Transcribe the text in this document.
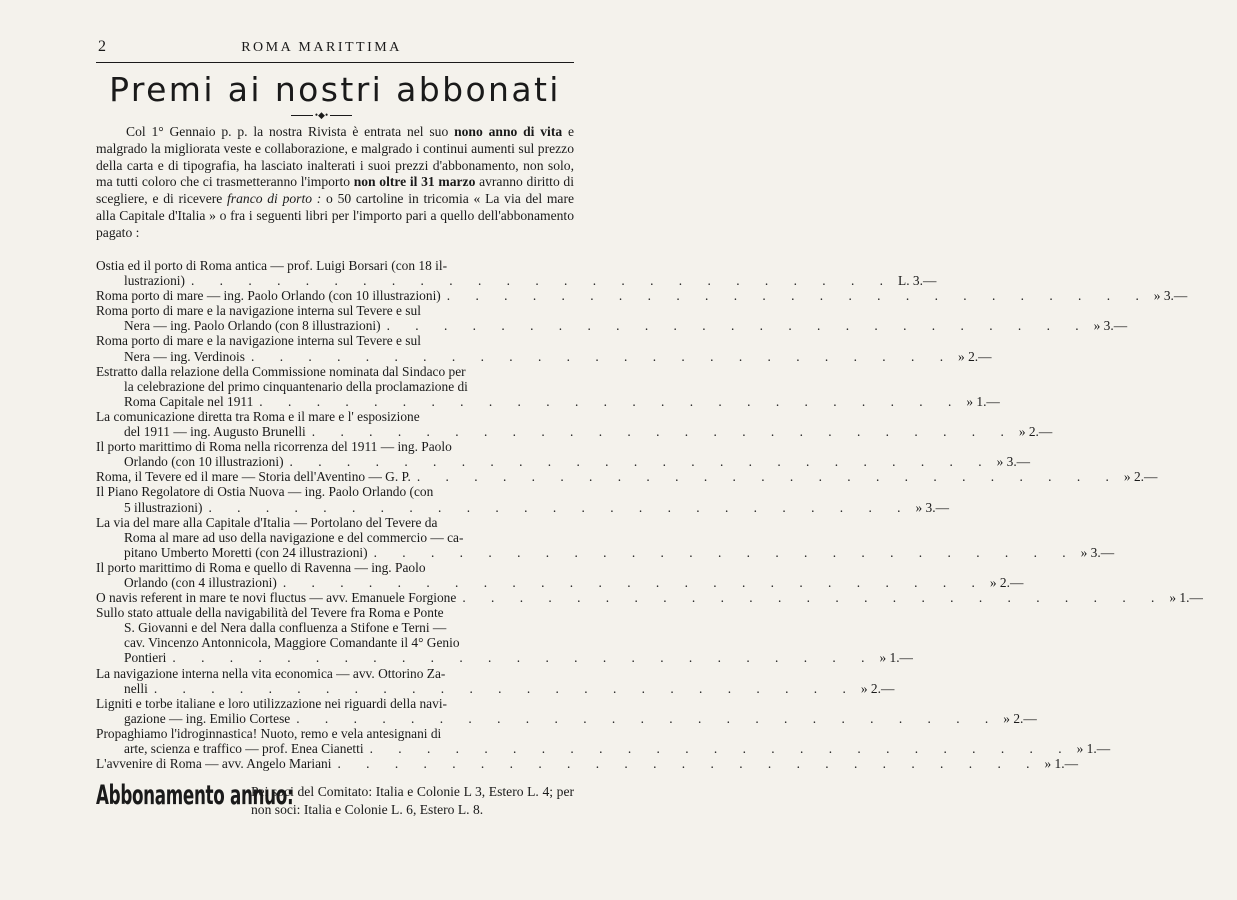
2	ROMA MARITTIMA
Premi ai nostri abbonati
•◆•

Col 1° Gennaio p. p. la nostra Rivista è entrata nel suo nono anno di vita e malgrado la migliorata veste e collaborazione, e malgrado i continui aumenti sul prezzo della carta e di tipografia, ha lasciato inalterati i suoi prezzi d'abbonamento, non solo, ma tutti coloro che ci trasmetteranno l'importo non oltre il 31 marzo avranno diritto di scegliere, e di ricevere franco di porto : o 50 cartoline in tricomia « La via del mare alla Capitale d'Italia » o fra i seguenti libri per l'importo pari a quello dell'abbonamento pagato :

Ostia ed il porto di Roma antica — prof. Luigi Borsari (con 18 il-
lustrazioni) . . . . . . . . . . . . . . . . . . . . . . . . . L. 3.—
Roma porto di mare — ing. Paolo Orlando (con 10 illustrazioni) . . . . . . . . . . . . . . . . . . . . . . . . . » 3.—
Roma porto di mare e la navigazione interna sul Tevere e sul
Nera — ing. Paolo Orlando (con 8 illustrazioni) . . . . . . . . . . . . . . . . . . . . . . . . . » 3.—
Roma porto di mare e la navigazione interna sul Tevere e sul
Nera — ing. Verdinois . . . . . . . . . . . . . . . . . . . . . . . . . » 2.—
Estratto dalla relazione della Commissione nominata dal Sindaco per
la celebrazione del primo cinquantenario della proclamazione di
Roma Capitale nel 1911 . . . . . . . . . . . . . . . . . . . . . . . . . » 1.—
La comunicazione diretta tra Roma e il mare e l' esposizione
del 1911 — ing. Augusto Brunelli . . . . . . . . . . . . . . . . . . . . . . . . . » 2.—
Il porto marittimo di Roma nella ricorrenza del 1911 — ing. Paolo
Orlando (con 10 illustrazioni) . . . . . . . . . . . . . . . . . . . . . . . . . » 3.—
Roma, il Tevere ed il mare — Storia dell'Aventino — G. P. . . . . . . . . . . . . . . . . . . . . . . . . . » 2.—
Il Piano Regolatore di Ostia Nuova — ing. Paolo Orlando (con
5 illustrazioni) . . . . . . . . . . . . . . . . . . . . . . . . . » 3.—
La via del mare alla Capitale d'Italia — Portolano del Tevere da
Roma al mare ad uso della navigazione e del commercio — ca-
pitano Umberto Moretti (con 24 illustrazioni) . . . . . . . . . . . . . . . . . . . . . . . . . » 3.—
Il porto marittimo di Roma e quello di Ravenna — ing. Paolo
Orlando (con 4 illustrazioni) . . . . . . . . . . . . . . . . . . . . . . . . . » 2.—
O navis referent in mare te novi fluctus — avv. Emanuele Forgione . . . . . . . . . . . . . . . . . . . . . . . . . » 1.—
Sullo stato attuale della navigabilità del Tevere fra Roma e Ponte
S. Giovanni e del Nera dalla confluenza a Stifone e Terni —
cav. Vincenzo Antonnicola, Maggiore Comandante il 4° Genio
Pontieri . . . . . . . . . . . . . . . . . . . . . . . . . » 1.—
La navigazione interna nella vita economica — avv. Ottorino Za-
nelli . . . . . . . . . . . . . . . . . . . . . . . . . » 2.—
Ligniti e torbe italiane e loro utilizzazione nei riguardi della navi-
gazione — ing. Emilio Cortese . . . . . . . . . . . . . . . . . . . . . . . . . » 2.—
Propaghiamo l'idroginnastica! Nuoto, remo e vela antesignani di
arte, scienza e traffico — prof. Enea Cianetti . . . . . . . . . . . . . . . . . . . . . . . . . » 1.—
L'avvenire di Roma — avv. Angelo Mariani . . . . . . . . . . . . . . . . . . . . . . . . . » 1.—
Abbonamento annuo:
Pei soci del Comitato: Italia e Colonie L 3, Estero L. 4; per non soci: Italia e Colonie L. 6, Estero L. 8.
